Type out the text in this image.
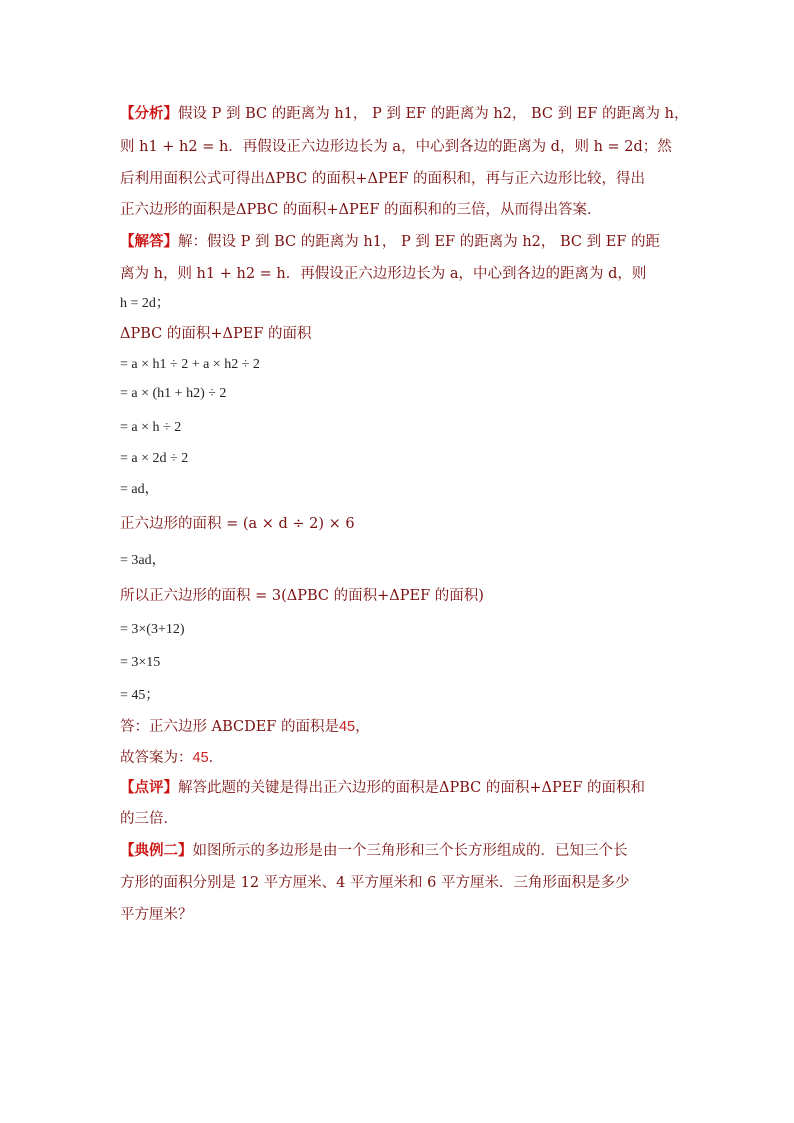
【分析】假设 P 到 BC 的距离为 h1， P 到 EF 的距离为 h2， BC 到 EF 的距离为 h，
则 h1 + h2 = h．再假设正六边形边长为 a，中心到各边的距离为 d，则 h = 2d；然
后利用面积公式可得出ΔPBC 的面积+ΔPEF 的面积和，再与正六边形比较，得出
正六边形的面积是ΔPBC 的面积+ΔPEF 的面积和的三倍，从而得出答案．
【解答】解：假设 P 到 BC 的距离为 h1， P 到 EF 的距离为 h2， BC 到 EF 的距
离为 h，则 h1 + h2 = h．再假设正六边形边长为 a，中心到各边的距离为 d，则
h = 2d；
ΔPBC 的面积+ΔPEF 的面积
= a × h1 ÷ 2 + a × h2 ÷ 2
= a × (h1 + h2) ÷ 2
= a × h ÷ 2
= a × 2d ÷ 2
= ad，
正六边形的面积 = (a × d ÷ 2) × 6
= 3ad，
所以正六边形的面积 = 3(ΔPBC 的面积+ΔPEF 的面积)
= 3×(3+12)
= 3×15
= 45；
答：正六边形 ABCDEF 的面积是45，
故答案为：45．
【点评】解答此题的关键是得出正六边形的面积是ΔPBC 的面积+ΔPEF 的面积和
的三倍．
【典例二】如图所示的多边形是由一个三角形和三个长方形组成的．已知三个长
方形的面积分别是 12 平方厘米、4 平方厘米和 6 平方厘米．三角形面积是多少
平方厘米？
